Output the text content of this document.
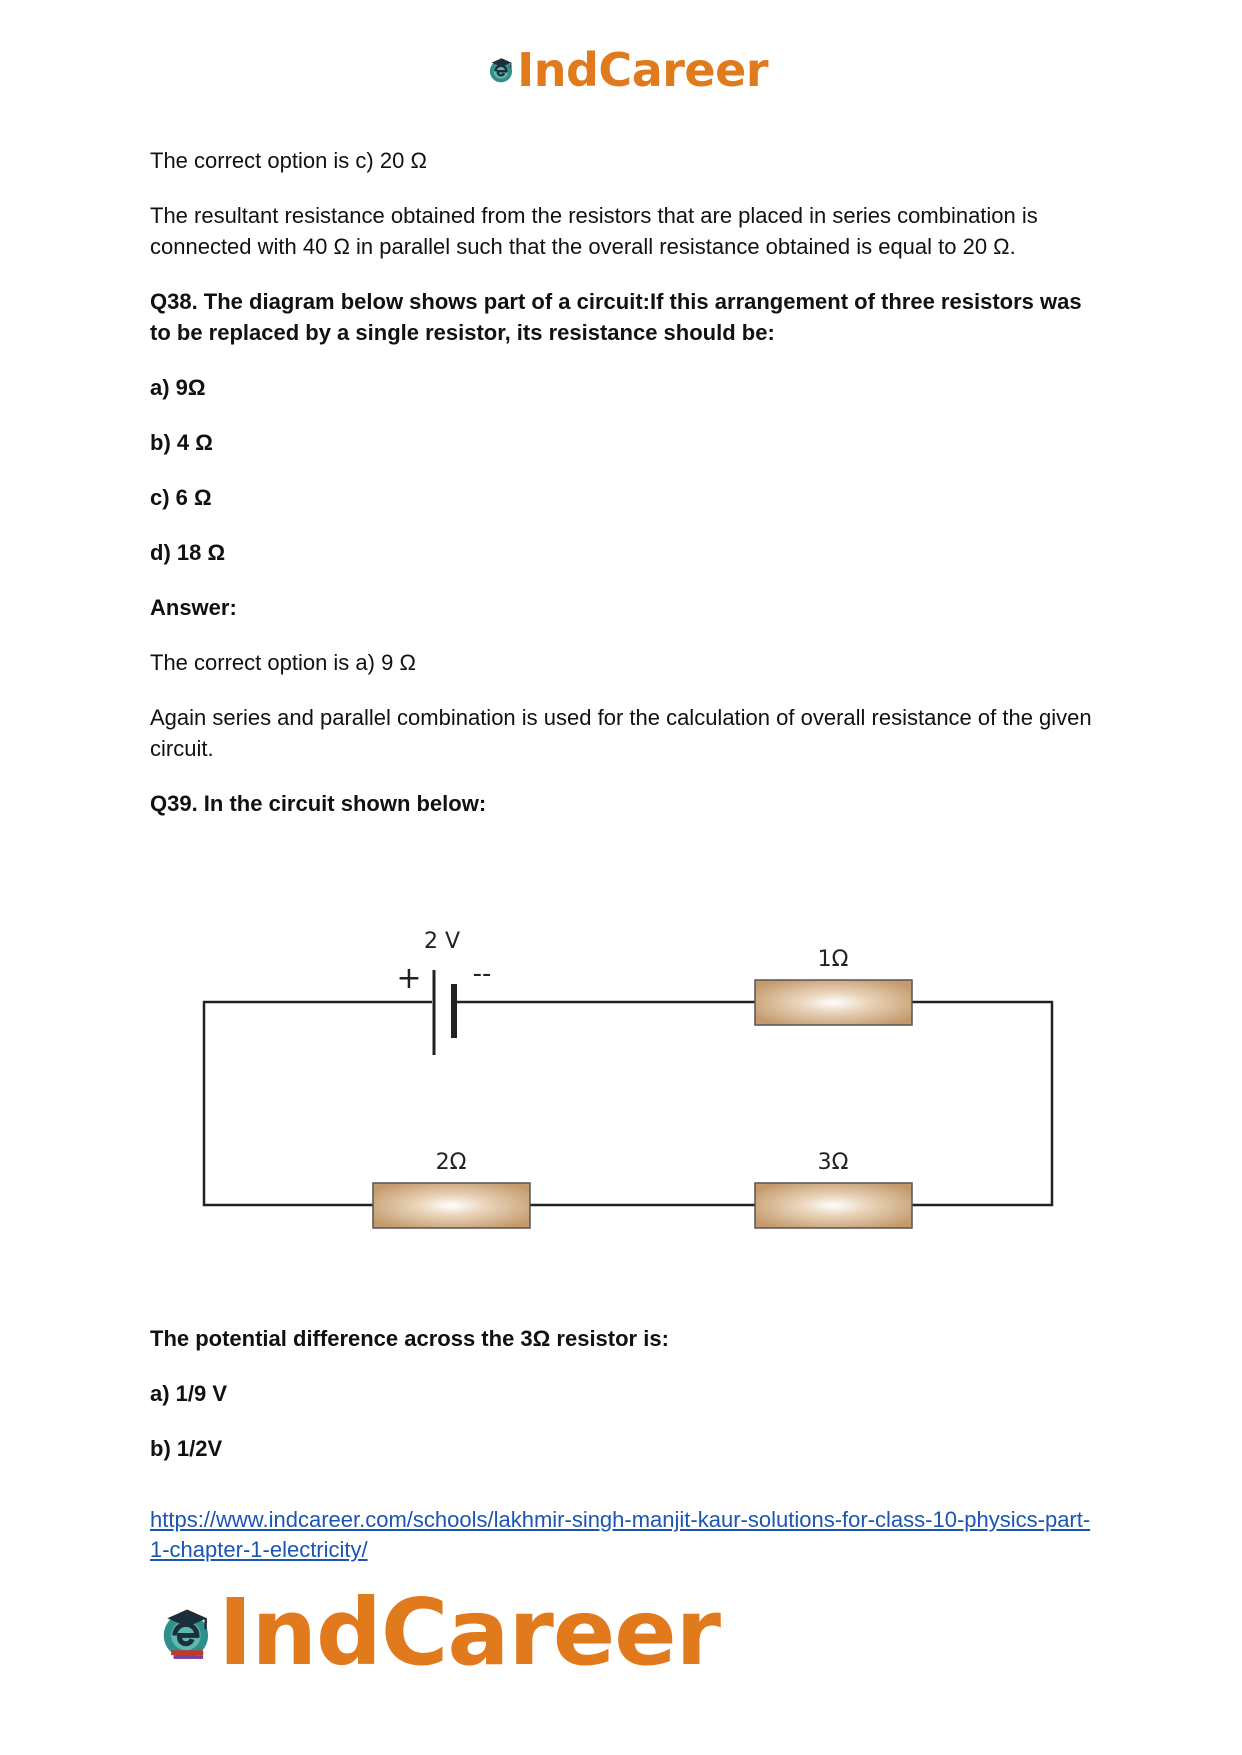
IndCareer

The correct option is c) 20 Ω

The resultant resistance obtained from the resistors that are placed in series combination is connected with 40 Ω in parallel such that the overall resistance obtained is equal to 20 Ω.

Q38. The diagram below shows part of a circuit:If this arrangement of three resistors was to be replaced by a single resistor, its resistance should be:

a) 9Ω

b) 4 Ω

c) 6 Ω

d) 18 Ω

Answer:

The correct option is a) 9 Ω

Again series and parallel combination is used for the calculation of overall resistance of the given circuit.

Q39. In the circuit shown below:

2 V
+ --	1Ω
2Ω	3Ω

The potential difference across the 3Ω resistor is:

a) 1/9 V

b) 1/2V

https://www.indcareer.com/schools/lakhmir-singh-manjit-kaur-solutions-for-class-10-physics-part-1-chapter-1-electricity/
IndCareer
